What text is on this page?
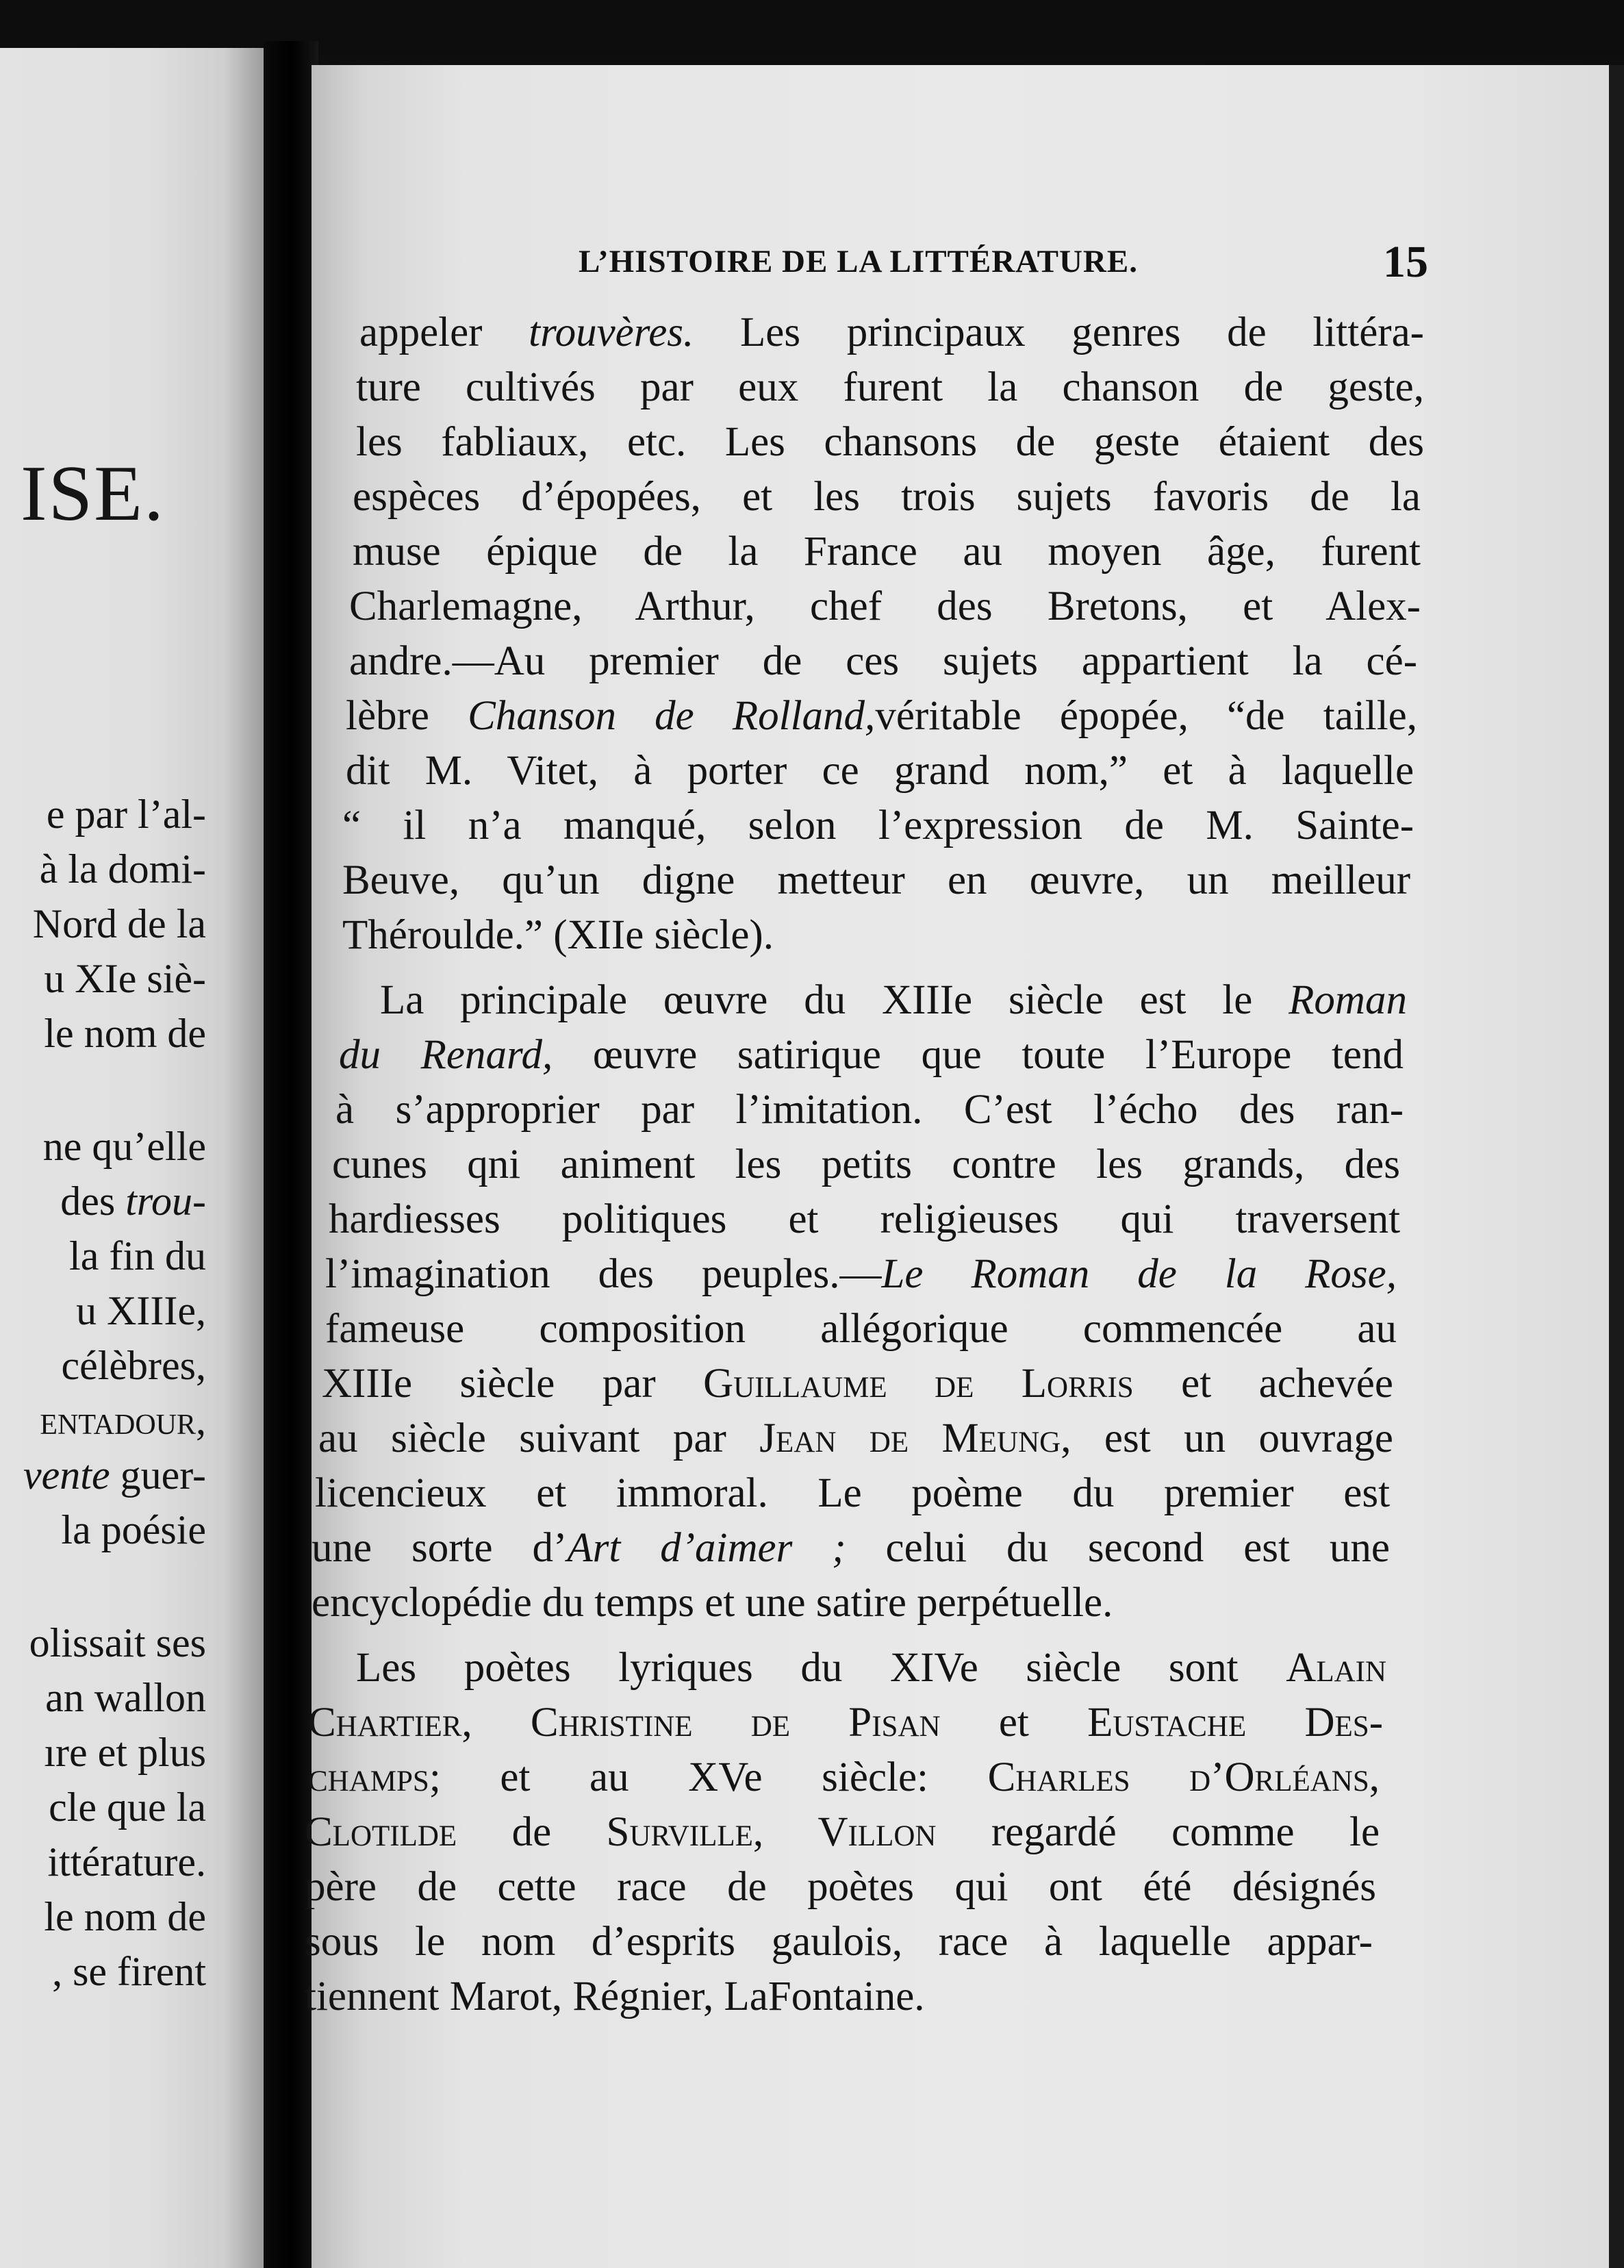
ISE.
e par l’al-
à la domi-
Nord de la
u XIe siè-
le nom de
ne qu’elle
des trou-
la fin du
u XIIIe,
célèbres,
entadour,
vente guer-
la poésie
olissait ses
an wallon
ıre et plus
cle que la
ittérature.
le nom de
, se firent
L’HISTOIRE DE LA LITTÉRATURE.	15
appeler trouvères. Les principaux genres de littéra-
ture cultivés par eux furent la chanson de geste,
les fabliaux, etc. Les chansons de geste étaient des
espèces d’épopées, et les trois sujets favoris de la
muse épique de la France au moyen âge, furent
Charlemagne, Arthur, chef des Bretons, et Alex-
andre.—Au premier de ces sujets appartient la cé-
lèbre Chanson de Rolland,véritable épopée, “de taille,
dit M. Vitet, à porter ce grand nom,” et à laquelle
“ il n’a manqué, selon l’expression de M. Sainte-
Beuve, qu’un digne metteur en œuvre, un meilleur
Théroulde.” (XIIe siècle).
La principale œuvre du XIIIe siècle est le Roman
du Renard, œuvre satirique que toute l’Europe tend
à s’approprier par l’imitation. C’est l’écho des ran-
cunes qni animent les petits contre les grands, des
hardiesses politiques et religieuses qui traversent
l’imagination des peuples.—Le Roman de la Rose,
fameuse composition allégorique commencée au
XIIIe siècle par Guillaume de Lorris et achevée
au siècle suivant par Jean de Meung, est un ouvrage
licencieux et immoral. Le poème du premier est
une sorte d’Art d’aimer ; celui du second est une
encyclopédie du temps et une satire perpétuelle.
Les poètes lyriques du XIVe siècle sont Alain
Chartier, Christine de Pisan et Eustache Des-
champs; et au XVe siècle: Charles d’Orléans,
Clotilde de Surville, Villon regardé comme le
père de cette race de poètes qui ont été désignés
sous le nom d’esprits gaulois, race à laquelle appar-
tiennent Marot, Régnier, LaFontaine.
